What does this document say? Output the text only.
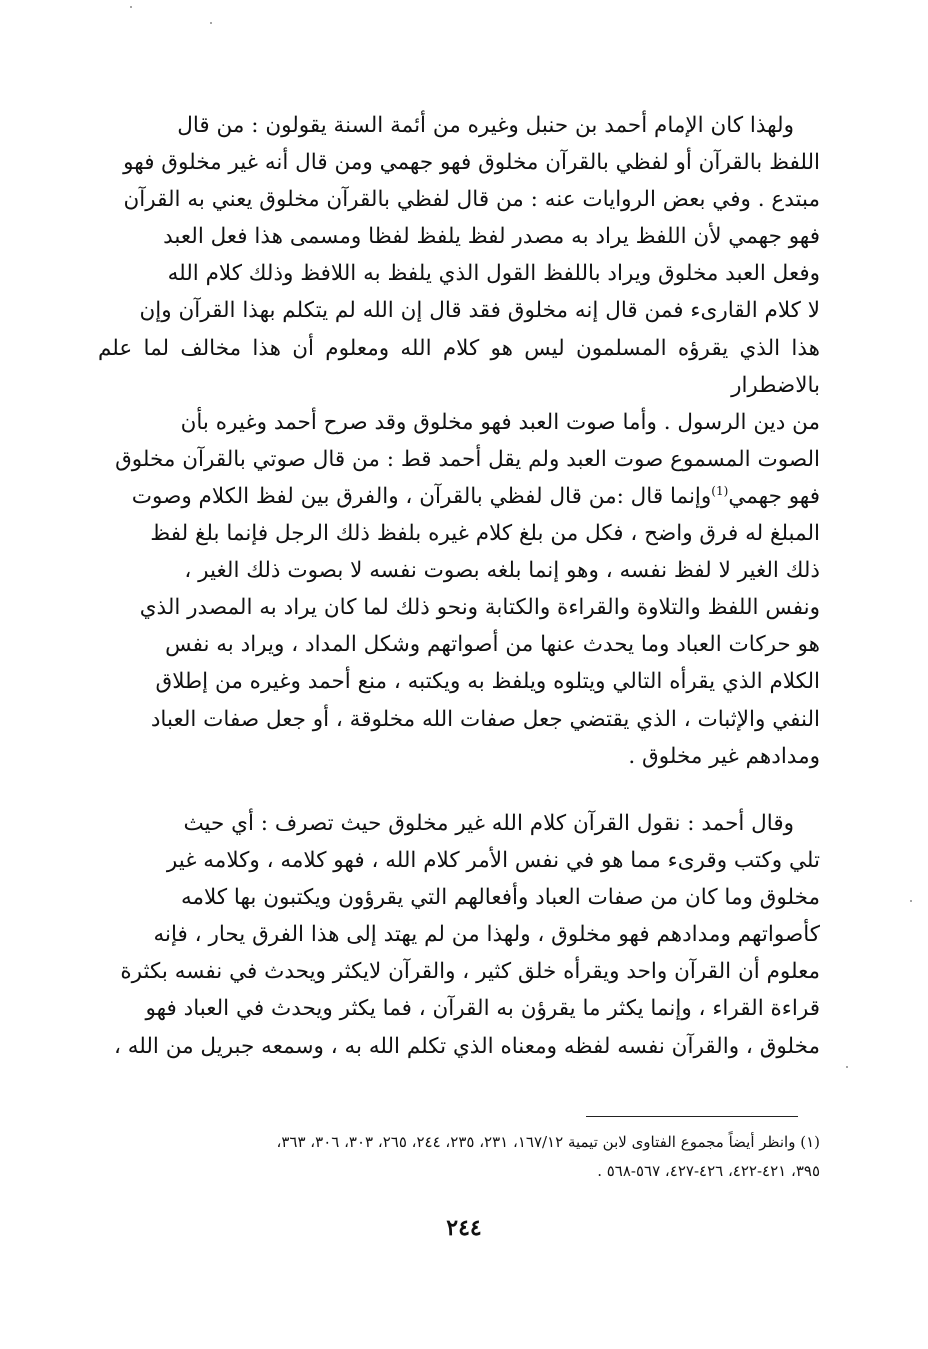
ولهذا كان الإمام أحمد بن حنبل وغيره من أئمة السنة يقولون : من قال
اللفظ بالقرآن أو لفظي بالقرآن مخلوق فهو جهمي ومن قال أنه غير مخلوق فهو
مبتدع . وفي بعض الروايات عنه : من قال لفظي بالقرآن مخلوق يعني به القرآن
فهو جهمي لأن اللفظ يراد به مصدر لفظ يلفظ لفظا ومسمى هذا فعل العبد
وفعل العبد مخلوق ويراد باللفظ القول الذي يلفظ به اللافظ وذلك كلام الله
لا كلام القارىء فمن قال إنه مخلوق فقد قال إن الله لم يتكلم بهذا القرآن وإن
هذا الذي يقرؤه المسلمون ليس هو كلام الله ومعلوم أن هذا مخالف لما علم بالاضطرار
من دين الرسول . وأما صوت العبد فهو مخلوق وقد صرح أحمد وغيره بأن
الصوت المسموع صوت العبد ولم يقل أحمد قط : من قال صوتي بالقرآن مخلوق
فهو جهمي$^{(1)}$وإنما قال :من قال لفظي بالقرآن ، والفرق بين لفظ الكلام وصوت
المبلغ له فرق واضح ، فكل من بلغ كلام غيره بلفظ ذلك الرجل فإنما بلغ لفظ
ذلك الغير لا لفظ نفسه ، وهو إنما بلغه بصوت نفسه لا بصوت ذلك الغير ،
ونفس اللفظ والتلاوة والقراءة والكتابة ونحو ذلك لما كان يراد به المصدر الذي
هو حركات العباد وما يحدث عنها من أصواتهم وشكل المداد ، ويراد به نفس
الكلام الذي يقرأه التالي ويتلوه ويلفظ به ويكتبه ، منع أحمد وغيره من إطلاق
النفي والإثبات ، الذي يقتضي جعل صفات الله مخلوقة ، أو جعل صفات العباد
ومدادهم غير مخلوق .
وقال أحمد : نقول القرآن كلام الله غير مخلوق حيث تصرف : أي حيث
تلي وكتب وقرىء مما هو في نفس الأمر كلام الله ، فهو كلامه ، وكلامه غير
مخلوق وما كان من صفات العباد وأفعالهم التي يقرؤون ويكتبون بها كلامه
كأصواتهم ومدادهم فهو مخلوق ، ولهذا من لم يهتد إلى هذا الفرق يحار ، فإنه
معلوم أن القرآن واحد ويقرأه خلق كثير ، والقرآن لايكثر ويحدث في نفسه بكثرة
قراءة القراء ، وإنما يكثر ما يقرؤن به القرآن ، فما يكثر ويحدث في العباد فهو
مخلوق ، والقرآن نفسه لفظه ومعناه الذي تكلم الله به ، وسمعه جبريل من الله ،
(١) وانظر أيضاً مجموع الفتاوى لابن تيمية ١٦٧/١٢، ٢٣١، ٢٣٥، ٢٤٤، ٢٦٥، ٣٠٣، ٣٠٦، ٣٦٣،
٣٩٥، ٤٢١-٤٢٢، ٤٢٦-٤٢٧، ٥٦٧-٥٦٨ .
٢٤٤
